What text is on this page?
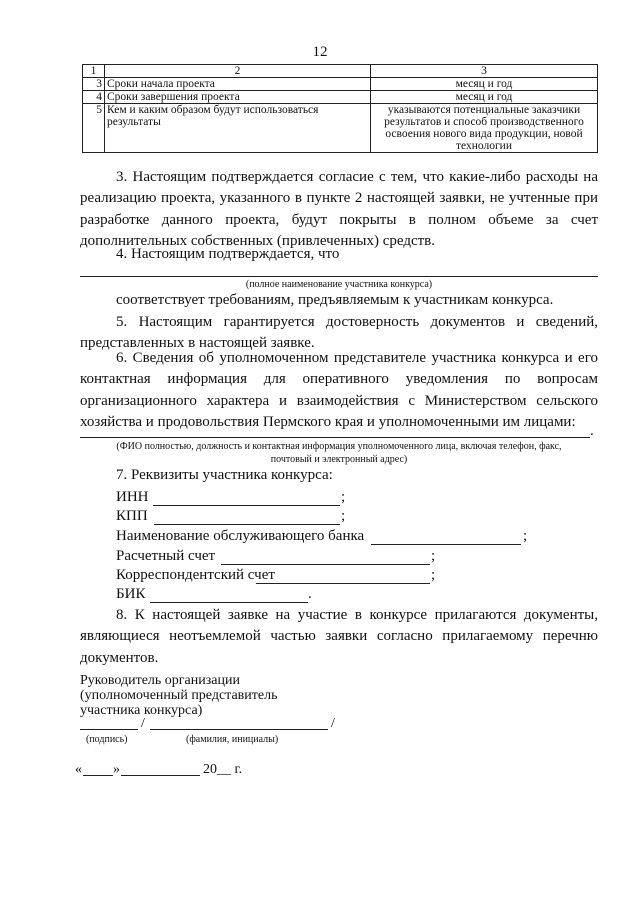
12
1	2	3
3	Сроки начала проекта	месяц и год
4	Сроки завершения проекта	месяц и год
5	Кем и каким образом будут использоваться результаты	указываются потенциальные заказчики результатов и способ производственного освоения нового вида продукции, новой технологии
3. Настоящим подтверждается согласие с тем, что какие-либо расходы на реализацию проекта, указанного в пункте 2 настоящей заявки, не учтенные при разработке данного проекта, будут покрыты в полном объеме за счет дополнительных собственных (привлеченных) средств.
4. Настоящим подтверждается, что
(полное наименование участника конкурса)
соответствует требованиям, предъявляемым к участникам конкурса.
5. Настоящим гарантируется достоверность документов и сведений, представленных в настоящей заявке.
6. Сведения об уполномоченном представителе участника конкурса и его контактная информация для оперативного уведомления по вопросам организационного характера и взаимодействия с Министерством сельского хозяйства и продовольствия Пермского края и уполномоченными им лицами:
.
(ФИО полностью, должность и контактная информация уполномоченного лица, включая телефон, факс,
почтовый и электронный адрес)
7. Реквизиты участника конкурса:
ИНН	;
КПП	;
Наименование обслуживающего банка	;
Расчетный счет	;
Корреспондентский счет	;
БИК	.
8. К настоящей заявке на участие в конкурсе прилагаются документы, являющиеся неотъемлемой частью заявки согласно прилагаемому перечню документов.
Руководитель организации
(уполномоченный представитель
участника конкурса)
/	/
(подпись)	(фамилия, инициалы)
« »	20__ г.
